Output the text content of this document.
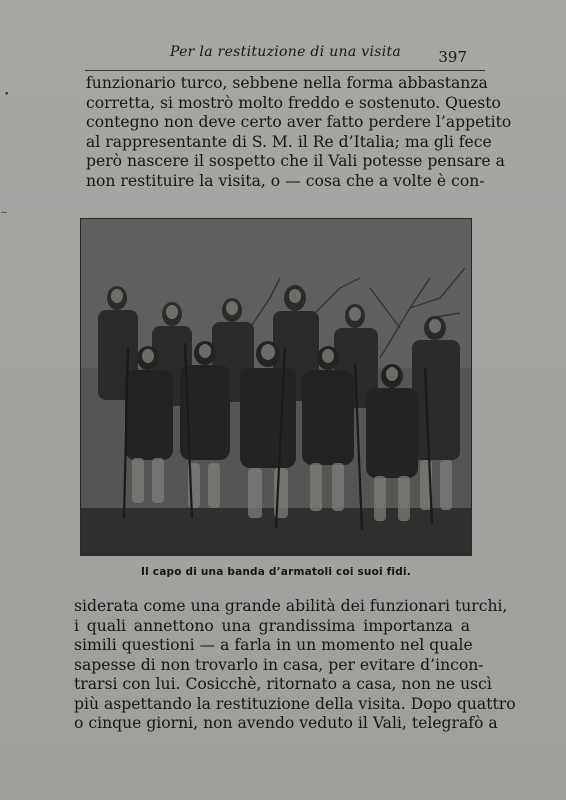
•
~
Per la restituzione di una visita 397
funzionario turco, sebbene nella forma abbastanza
corretta, si mostrò molto freddo e sostenuto. Questo
contegno non deve certo aver fatto perdere l’appetito
al rappresentante di S. M. il Re d’Italia; ma gli fece
però nascere il sospetto che il Vali potesse pensare a
non restituire la visita, o — cosa che a volte è con-
Il capo di una banda d’armatoli coi suoi fidi.
siderata come una grande abilità dei funzionari turchi,
i quali annettono una grandissima importanza a
simili questioni — a farla in un momento nel quale
sapesse di non trovarlo in casa, per evitare d’incon-
trarsi con lui. Cosicchè, ritornato a casa, non ne uscì
più aspettando la restituzione della visita. Dopo quattro
o cinque giorni, non avendo veduto il Vali, telegrafò a
